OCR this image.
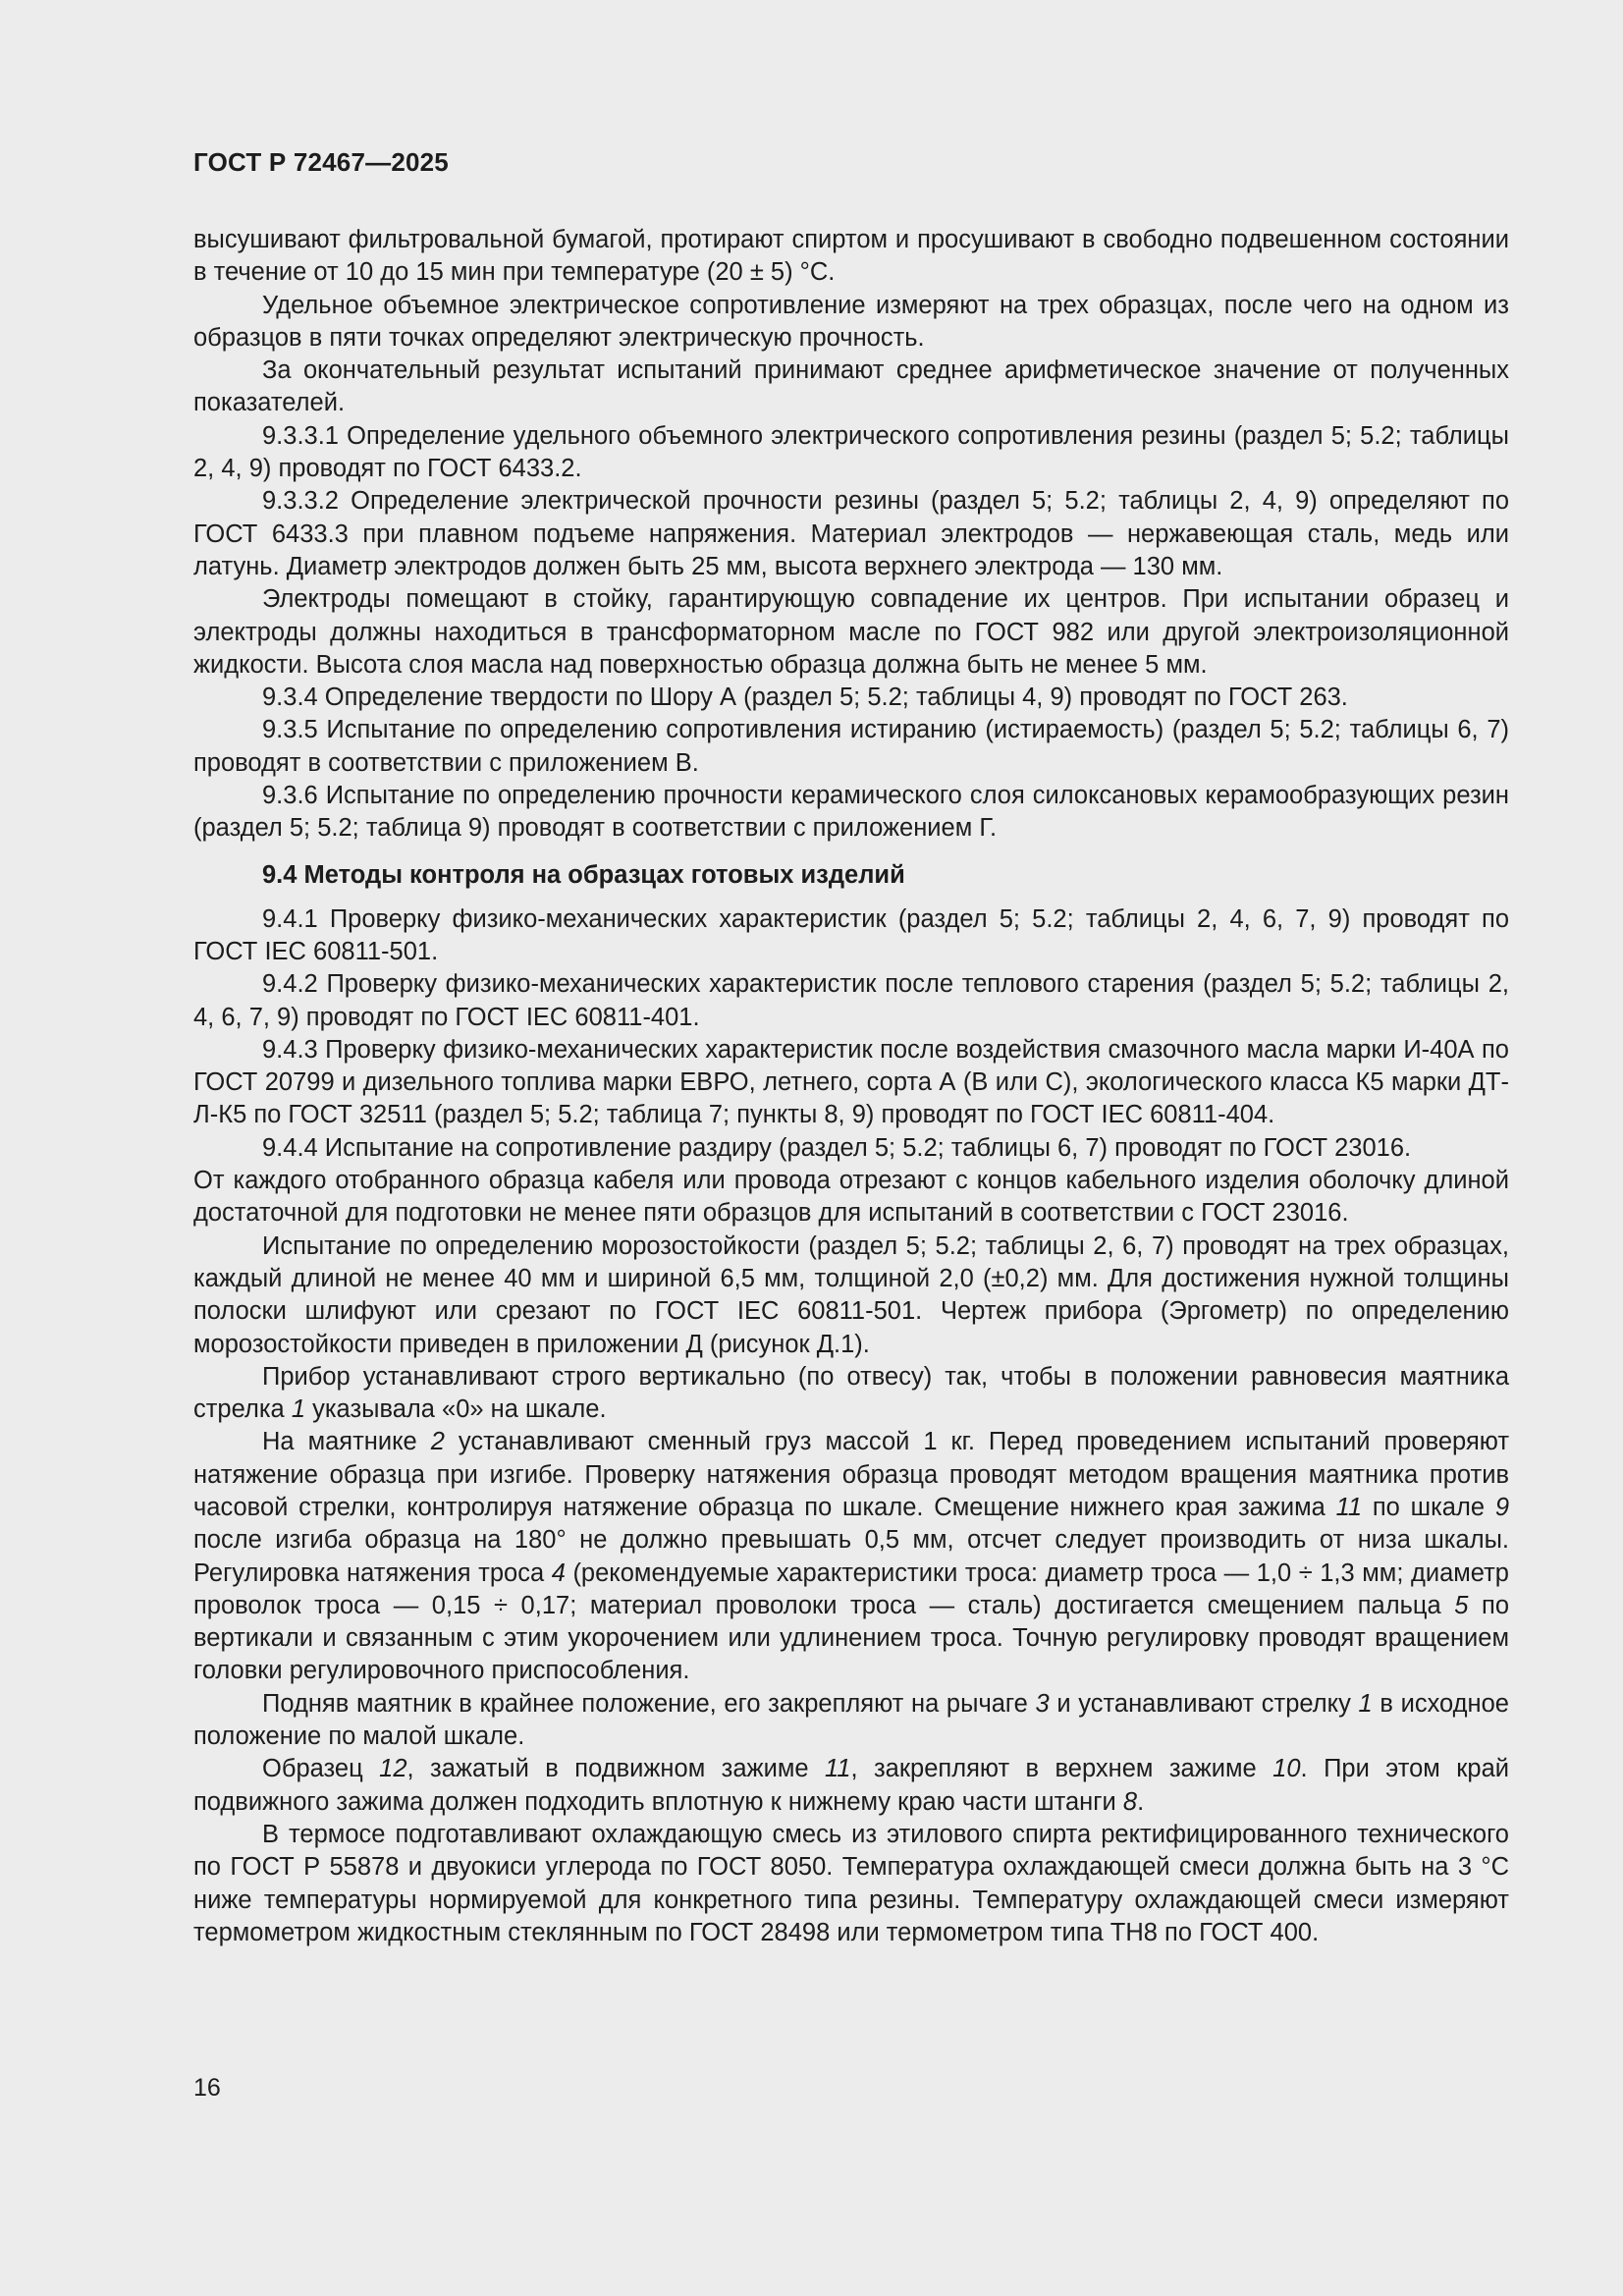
ГОСТ Р 72467—2025

высушивают фильтровальной бумагой, протирают спиртом и просушивают в свободно подвешенном состоянии в течение от 10 до 15 мин при температуре (20 ± 5) °С.

Удельное объемное электрическое сопротивление измеряют на трех образцах, после чего на одном из образцов в пяти точках определяют электрическую прочность.

За окончательный результат испытаний принимают среднее арифметическое значение от полученных показателей.

9.3.3.1 Определение удельного объемного электрического сопротивления резины (раздел 5; 5.2; таблицы 2, 4, 9) проводят по ГОСТ 6433.2.

9.3.3.2 Определение электрической прочности резины (раздел 5; 5.2; таблицы 2, 4, 9) определяют по ГОСТ 6433.3 при плавном подъеме напряжения. Материал электродов — нержавеющая сталь, медь или латунь. Диаметр электродов должен быть 25 мм, высота верхнего электрода — 130 мм.

Электроды помещают в стойку, гарантирующую совпадение их центров. При испытании образец и электроды должны находиться в трансформаторном масле по ГОСТ 982 или другой электроизоляционной жидкости. Высота слоя масла над поверхностью образца должна быть не менее 5 мм.

9.3.4 Определение твердости по Шору А (раздел 5; 5.2; таблицы 4, 9) проводят по ГОСТ 263.

9.3.5 Испытание по определению сопротивления истиранию (истираемость) (раздел 5; 5.2; таблицы 6, 7) проводят в соответствии с приложением В.

9.3.6 Испытание по определению прочности керамического слоя силоксановых керамообразующих резин (раздел 5; 5.2; таблица 9) проводят в соответствии с приложением Г.

9.4 Методы контроля на образцах готовых изделий

9.4.1 Проверку физико-механических характеристик (раздел 5; 5.2; таблицы 2, 4, 6, 7, 9) проводят по ГОСТ IEC 60811-501.

9.4.2 Проверку физико-механических характеристик после теплового старения (раздел 5; 5.2; таблицы 2, 4, 6, 7, 9) проводят по ГОСТ IEC 60811-401.

9.4.3 Проверку физико-механических характеристик после воздействия смазочного масла марки И-40А по ГОСТ 20799 и дизельного топлива марки ЕВРО, летнего, сорта А (В или С), экологического класса К5 марки ДТ-Л-К5 по ГОСТ 32511 (раздел 5; 5.2; таблица 7; пункты 8, 9) проводят по ГОСТ IEC 60811-404.

9.4.4 Испытание на сопротивление раздиру (раздел 5; 5.2; таблицы 6, 7) проводят по ГОСТ 23016.

От каждого отобранного образца кабеля или провода отрезают с концов кабельного изделия оболочку длиной достаточной для подготовки не менее пяти образцов для испытаний в соответствии с ГОСТ 23016.

Испытание по определению морозостойкости (раздел 5; 5.2; таблицы 2, 6, 7) проводят на трех образцах, каждый длиной не менее 40 мм и шириной 6,5 мм, толщиной 2,0 (±0,2) мм. Для достижения нужной толщины полоски шлифуют или срезают по ГОСТ IEC 60811-501. Чертеж прибора (Эргометр) по определению морозостойкости приведен в приложении Д (рисунок Д.1).

Прибор устанавливают строго вертикально (по отвесу) так, чтобы в положении равновесия маятника стрелка 1 указывала «0» на шкале.

На маятнике 2 устанавливают сменный груз массой 1 кг. Перед проведением испытаний проверяют натяжение образца при изгибе. Проверку натяжения образца проводят методом вращения маятника против часовой стрелки, контролируя натяжение образца по шкале. Смещение нижнего края зажима 11 по шкале 9 после изгиба образца на 180° не должно превышать 0,5 мм, отсчет следует производить от низа шкалы. Регулировка натяжения троса 4 (рекомендуемые характеристики троса: диаметр троса — 1,0 ÷ 1,3 мм; диаметр проволок троса — 0,15 ÷ 0,17; материал проволоки троса — сталь) достигается смещением пальца 5 по вертикали и связанным с этим укорочением или удлинением троса. Точную регулировку проводят вращением головки регулировочного приспособления.

Подняв маятник в крайнее положение, его закрепляют на рычаге 3 и устанавливают стрелку 1 в исходное положение по малой шкале.

Образец 12, зажатый в подвижном зажиме 11, закрепляют в верхнем зажиме 10. При этом край подвижного зажима должен подходить вплотную к нижнему краю части штанги 8.

В термосе подготавливают охлаждающую смесь из этилового спирта ректифицированного технического по ГОСТ Р 55878 и двуокиси углерода по ГОСТ 8050. Температура охлаждающей смеси должна быть на 3 °С ниже температуры нормируемой для конкретного типа резины. Температуру охлаждающей смеси измеряют термометром жидкостным стеклянным по ГОСТ 28498 или термометром типа ТН8 по ГОСТ 400.

16
